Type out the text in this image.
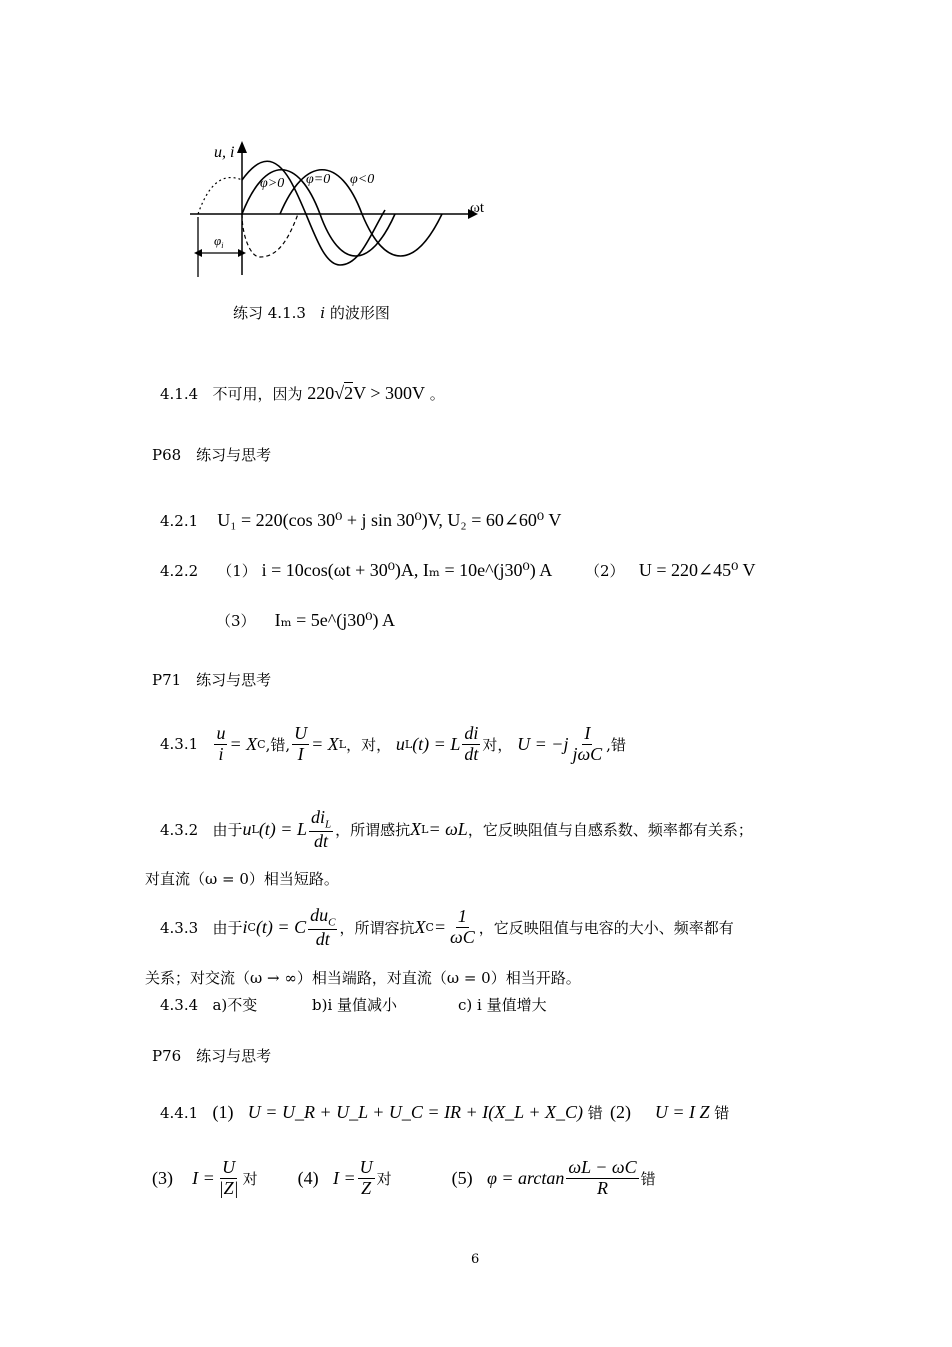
u, i
ωt
φ>0 φ=0 φ<0
$\varphi_i$
练习 4.1.3 i 的波形图
4.1.4 不可用，因为 220√2V > 300V 。
P68　练习与思考
4.2.1 U₁ = 220(cos 30⁰ + j sin 30⁰)V, U₂ = 60∠60⁰ V
4.2.2 （1） i = 10cos(ωt + 30⁰)A, Iₘ = 10e^(j30⁰) A （2） U = 220∠45⁰ V
（3） Iₘ = 5e^(j30⁰) A
P71　练习与思考
4.3.1
$\frac{u}{i} = X$ C ,错, $\frac{U}{I} = X$ L ，对，
u L (t) = L $\frac{di}{dt}$ 对，
$U = -j \frac{I}{\text{jωC}}$ ,错
4.3.2
由于 u L (t) = L $\frac{di_L}{dt}$ ，所谓感抗 X L = ωL ，它反映阻值与自感系数、频率都有关系；
对直流（ω = 0）相当短路。
4.3.3
由于 i C (t) = C $\frac{du_C}{dt}$ ，所谓容抗 X $C = \frac{1}{\omega C}$ ，它反映阻值与电容的大小、频率都有
关系；对交流（ω → ∞）相当端路，对直流（ω = 0）相当开路。
4.3.4 a)不变	b)i 量值减小	c) i 量值增大
P76　练习与思考
4.4.1 (1) U = U_R + U_L + U_C = IR + I(X_L + X_C) 错 (2) U = I Z 错
(3)
$I = \frac{U}{|Z|}$ 对 (4)
$I = \frac{U}{Z}$ 对	(5)
$\varphi = \arctan \frac{\omega L - \omega C}{R}$ 错
6
